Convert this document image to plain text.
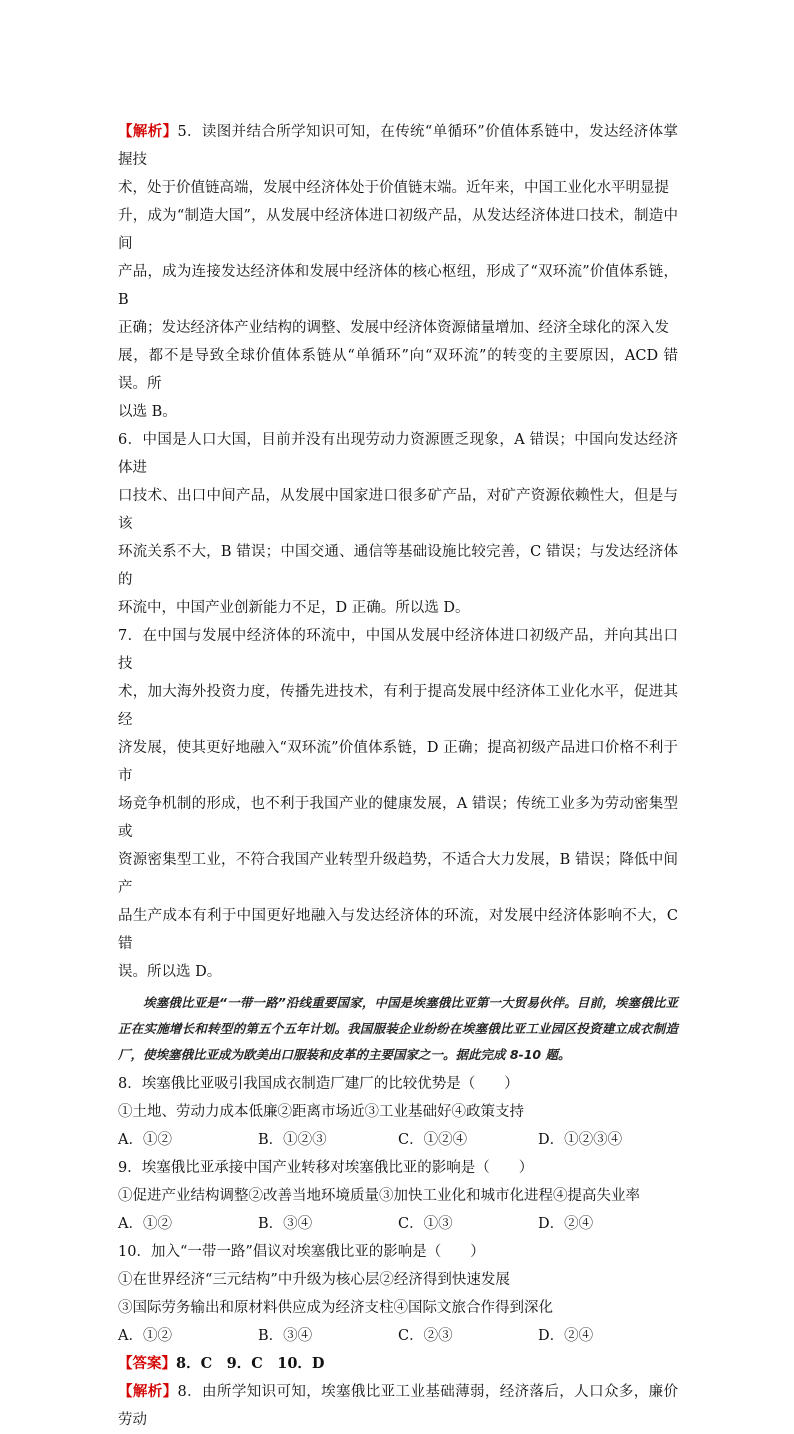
【解析】5．读图并结合所学知识可知，在传统“单循环”价值体系链中，发达经济体掌握技

术，处于价值链高端，发展中经济体处于价值链末端。近年来，中国工业化水平明显提

升，成为“制造大国”，从发展中经济体进口初级产品，从发达经济体进口技术，制造中间

产品，成为连接发达经济体和发展中经济体的核心枢纽，形成了“双环流”价值体系链，B

正确；发达经济体产业结构的调整、发展中经济体资源储量增加、经济全球化的深入发

展，都不是导致全球价值体系链从“单循环”向“双环流”的转变的主要原因，ACD 错误。所

以选 B。

6．中国是人口大国，目前并没有出现劳动力资源匮乏现象，A 错误；中国向发达经济体进

口技术、出口中间产品，从发展中国家进口很多矿产品，对矿产资源依赖性大，但是与该

环流关系不大，B 错误；中国交通、通信等基础设施比较完善，C 错误；与发达经济体的

环流中，中国产业创新能力不足，D 正确。所以选 D。

7．在中国与发展中经济体的环流中，中国从发展中经济体进口初级产品，并向其出口技

术，加大海外投资力度，传播先进技术，有利于提高发展中经济体工业化水平，促进其经

济发展，使其更好地融入“双环流”价值体系链，D 正确；提高初级产品进口价格不利于市

场竞争机制的形成，也不利于我国产业的健康发展，A 错误；传统工业多为劳动密集型或

资源密集型工业，不符合我国产业转型升级趋势，不适合大力发展，B 错误；降低中间产

品生产成本有利于中国更好地融入与发达经济体的环流，对发展中经济体影响不大，C 错

误。所以选 D。

埃塞俄比亚是“一带一路”沿线重要国家，中国是埃塞俄比亚第一大贸易伙伴。目前，埃塞俄比亚正在实施增长和转型的第五个五年计划。我国服装企业纷纷在埃塞俄比亚工业园区投资建立成衣制造厂，使埃塞俄比亚成为欧美出口服装和皮革的主要国家之一。据此完成 8-10 题。

8．埃塞俄比亚吸引我国成衣制造厂建厂的比较优势是（　　）

①土地、劳动力成本低廉②距离市场近③工业基础好④政策支持

A．①②	B．①②③	C．①②④	D．①②③④

9．埃塞俄比亚承接中国产业转移对埃塞俄比亚的影响是（　　）

①促进产业结构调整②改善当地环境质量③加快工业化和城市化进程④提高失业率

A．①②	B．③④	C．①③	D．②④

10．加入“一带一路”倡议对埃塞俄比亚的影响是（　　）

①在世界经济“三元结构”中升级为核心层②经济得到快速发展

③国际劳务输出和原材料供应成为经济支柱④国际文旅合作得到深化

A．①②	B．③④	C．②③	D．②④

【答案】8．C　9．C　10．D

【解析】8．由所学知识可知，埃塞俄比亚工业基础薄弱，经济落后，人口众多，廉价劳动
